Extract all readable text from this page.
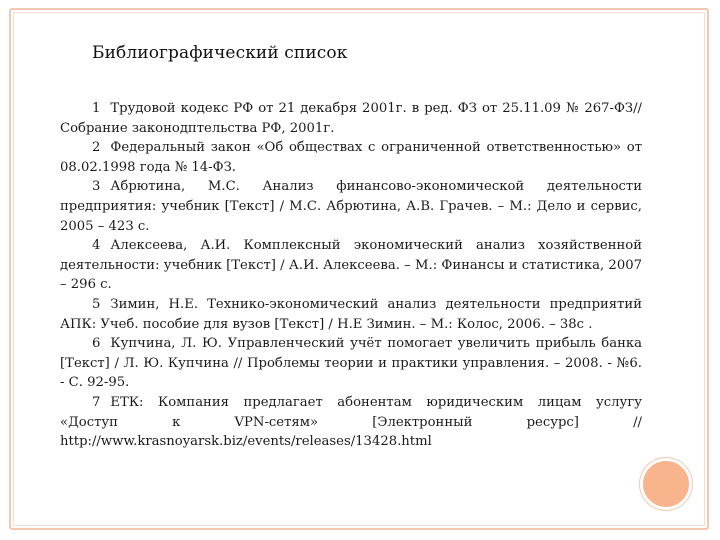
Библиографический список

1 Трудовой кодекс РФ от 21 декабря 2001г. в ред. ФЗ от 25.11.09 № 267-ФЗ// Собрание законодптельства РФ, 2001г.

2 Федеральный закон «Об обществах с ограниченной ответственностью» от 08.02.1998 года № 14-ФЗ.

3 Абрютина, М.С. Анализ финансово-экономической деятельности предприятия: учебник [Текст] / М.С. Абрютина, А.В. Грачев. – М.: Дело и сервис, 2005 – 423 с.

4 Алексеева, А.И. Комплексный экономический анализ хозяйственной деятельности: учебник [Текст] / А.И. Алексеева. – М.: Финансы и статистика, 2007 – 296 с.

5 Зимин, Н.Е. Технико-экономический анализ деятельности предприятий АПК: Учеб. пособие для вузов [Текст] / Н.Е Зимин. – М.: Колос, 2006. – 38с .

6 Купчина, Л. Ю. Управленческий учёт помогает увеличить прибыль банка [Текст] / Л. Ю. Купчина // Проблемы теории и практики управления. – 2008. - №6. - С. 92-95.

7 ЕТК: Компания предлагает абонентам юридическим лицам услугу «Доступ к VPN-сетям» [Электронный ресурс] // http://www.krasnoyarsk.biz/events/releases/13428.html
